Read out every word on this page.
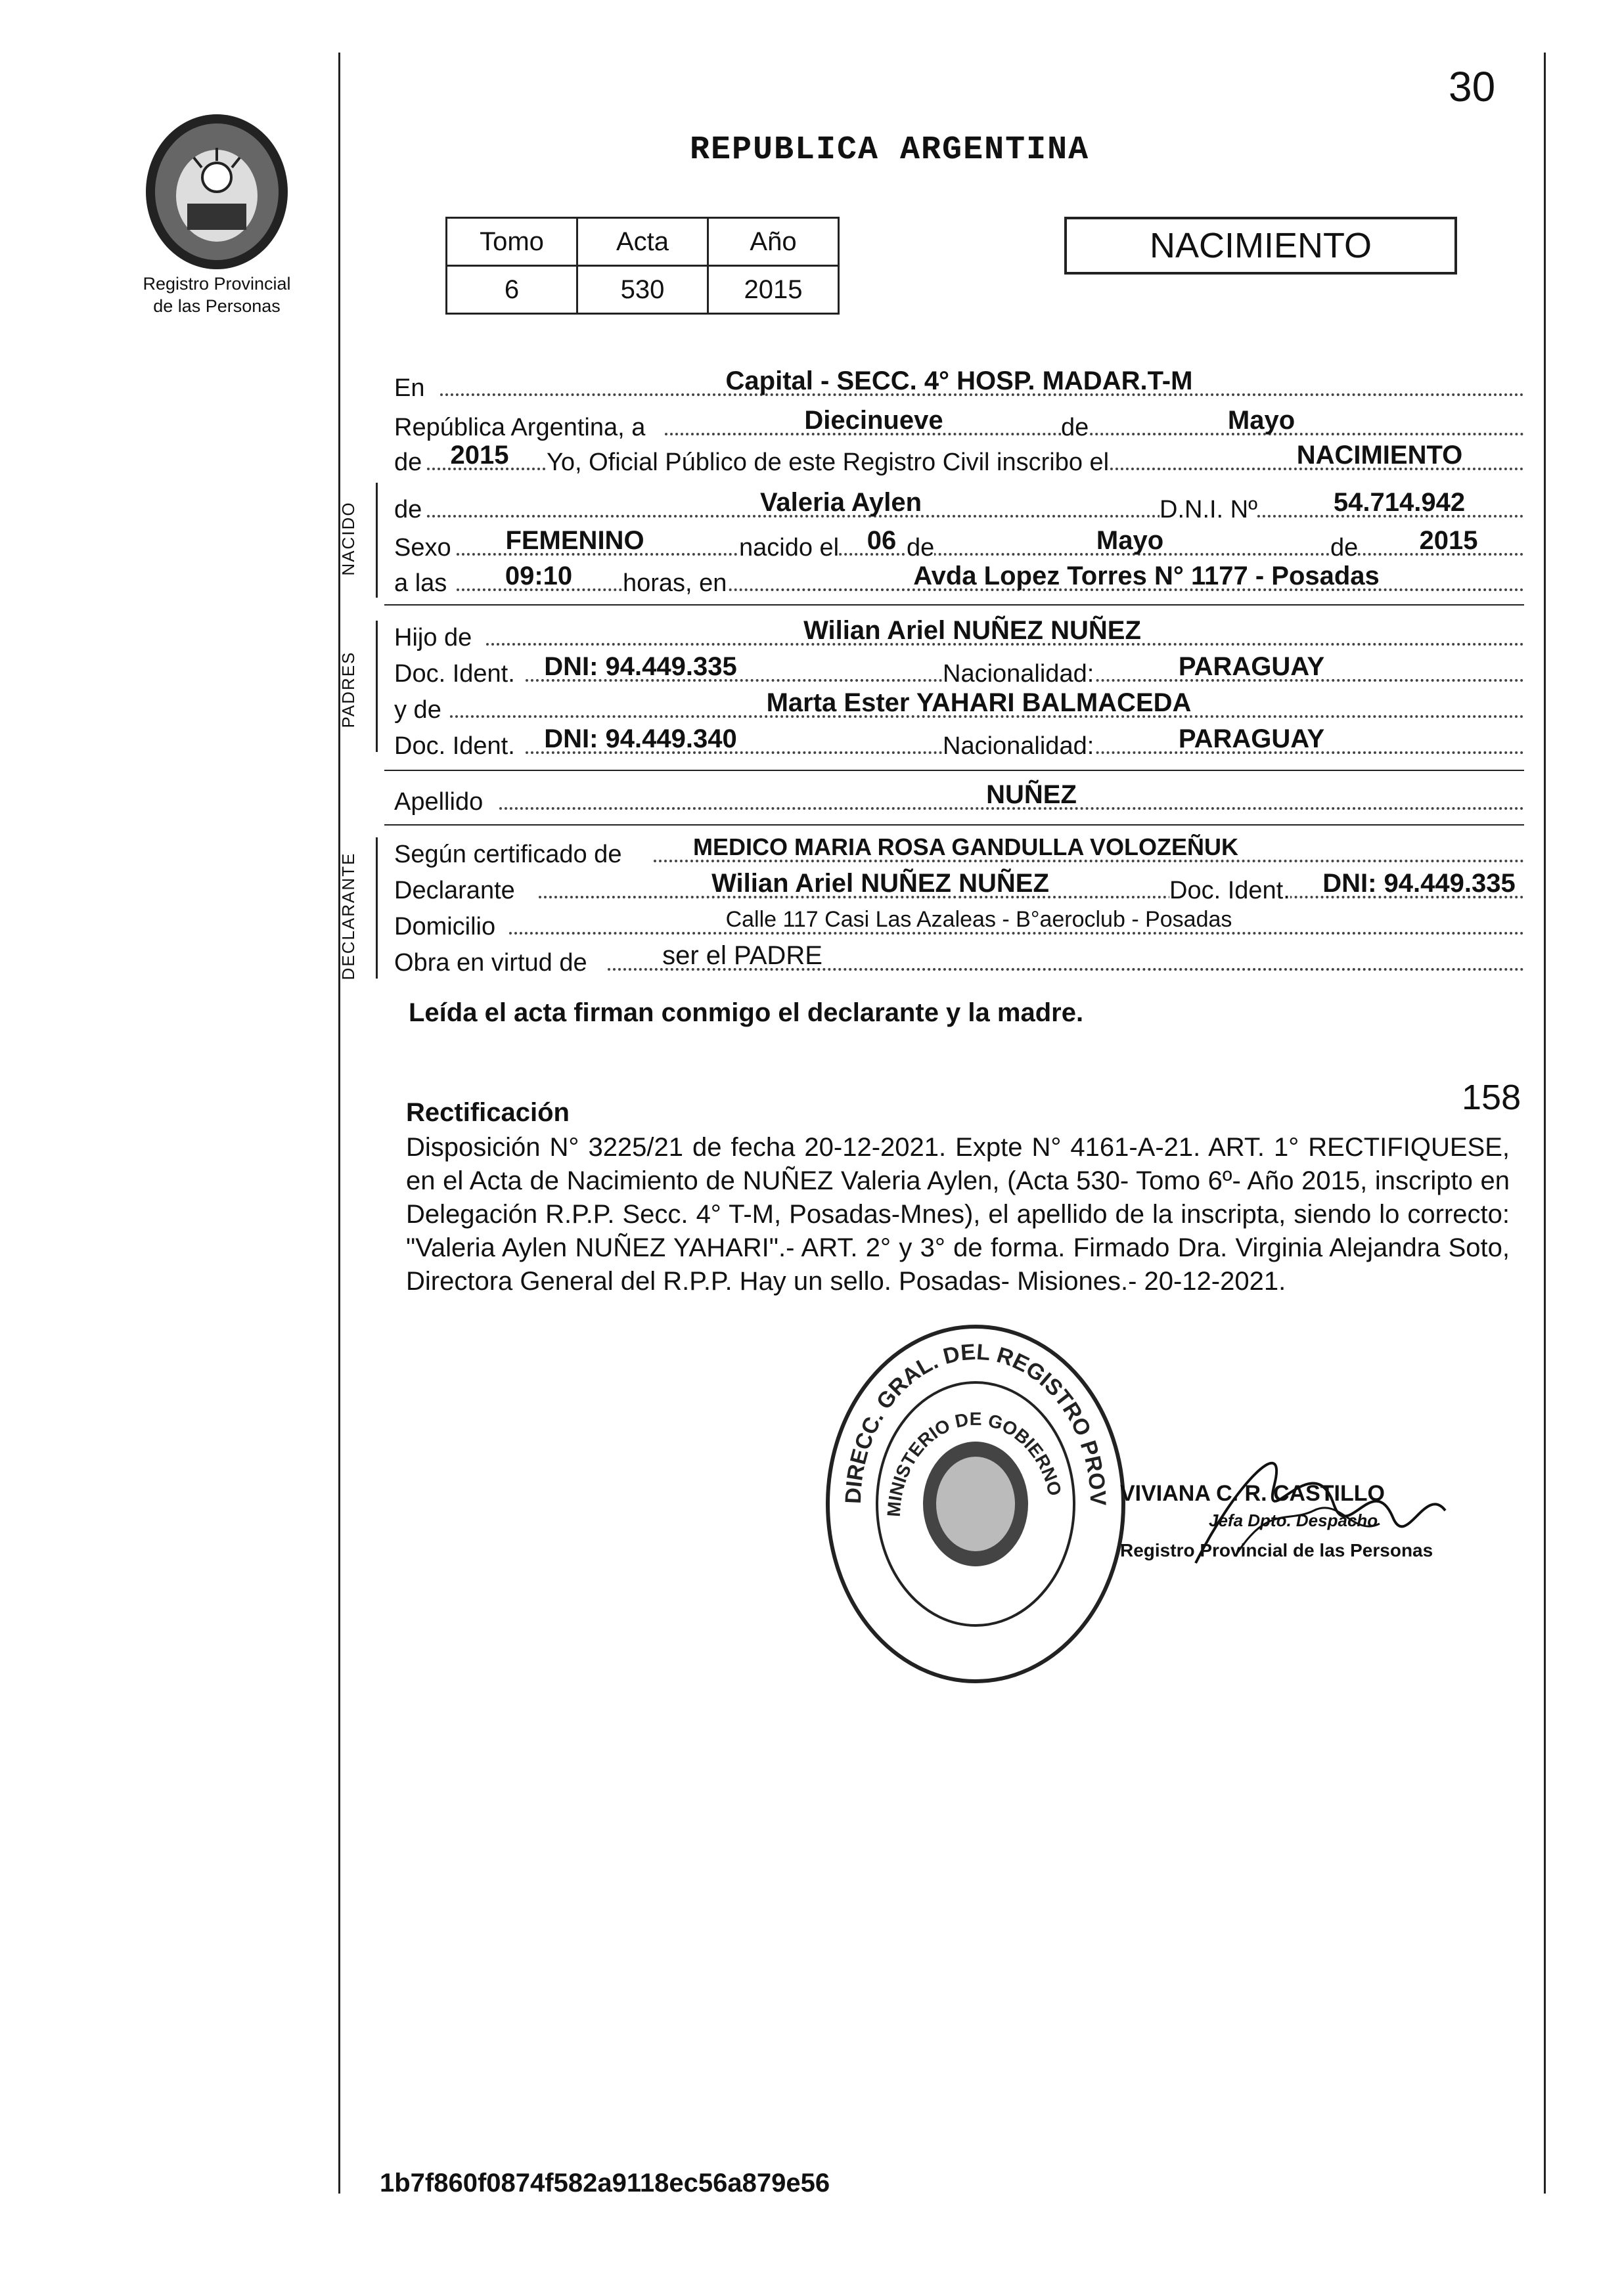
30
Registro Provincial
de las Personas
REPUBLICA ARGENTINA
Tomo	Acta	Año
6	530	2015
NACIMIENTO
En	Capital - SECC. 4° HOSP. MADAR.T-M
República Argentina, a	Diecinueve	de	Mayo
de	2015	Yo, Oficial Público de este Registro Civil inscribo el	NACIMIENTO
NACIDO de	Valeria Aylen	D.N.I. Nº	54.714.942
Sexo	FEMENINO	nacido el 06 de	Mayo	de	2015
a las	09:10	horas, en	Avda Lopez Torres N° 1177 - Posadas
PADRES
Hijo de	Wilian Ariel NUÑEZ NUÑEZ
Doc. Ident.	DNI: 94.449.335	Nacionalidad:	PARAGUAY
y de	Marta Ester YAHARI BALMACEDA
Doc. Ident.	DNI: 94.449.340	Nacionalidad:	PARAGUAY
Apellido	NUÑEZ
DECLARANTE Según certificado de	MEDICO MARIA ROSA GANDULLA VOLOZEÑUK
Declarante	Wilian Ariel NUÑEZ NUÑEZ	Doc. Ident.	DNI: 94.449.335
Domicilio	Calle 117 Casi Las Azaleas - B°aeroclub - Posadas
Obra en virtud de	ser el PADRE
Leída el acta firman conmigo el declarante y la madre.
158
Rectificación
Disposición N° 3225/21 de fecha 20-12-2021. Expte N° 4161-A-21. ART. 1° RECTIFIQUESE, en el Acta de Nacimiento de NUÑEZ Valeria Aylen, (Acta 530- Tomo 6º- Año 2015, inscripto en Delegación R.P.P. Secc. 4° T-M, Posadas-Mnes), el apellido de la inscripta, siendo lo correcto: "Valeria Aylen NUÑEZ YAHARI".- ART. 2° y 3° de forma. Firmado Dra. Virginia Alejandra Soto, Directora General del R.P.P. Hay un sello. Posadas- Misiones.- 20-12-2021.
DIRECC. GRAL. DEL REGISTRO PROV
MINISTERIO DE GOBIERNO VIVIANA C. R. CASTILLO
Jefa Dpto. Despacho
Registro Provincial de las Personas
1b7f860f0874f582a9118ec56a879e56
